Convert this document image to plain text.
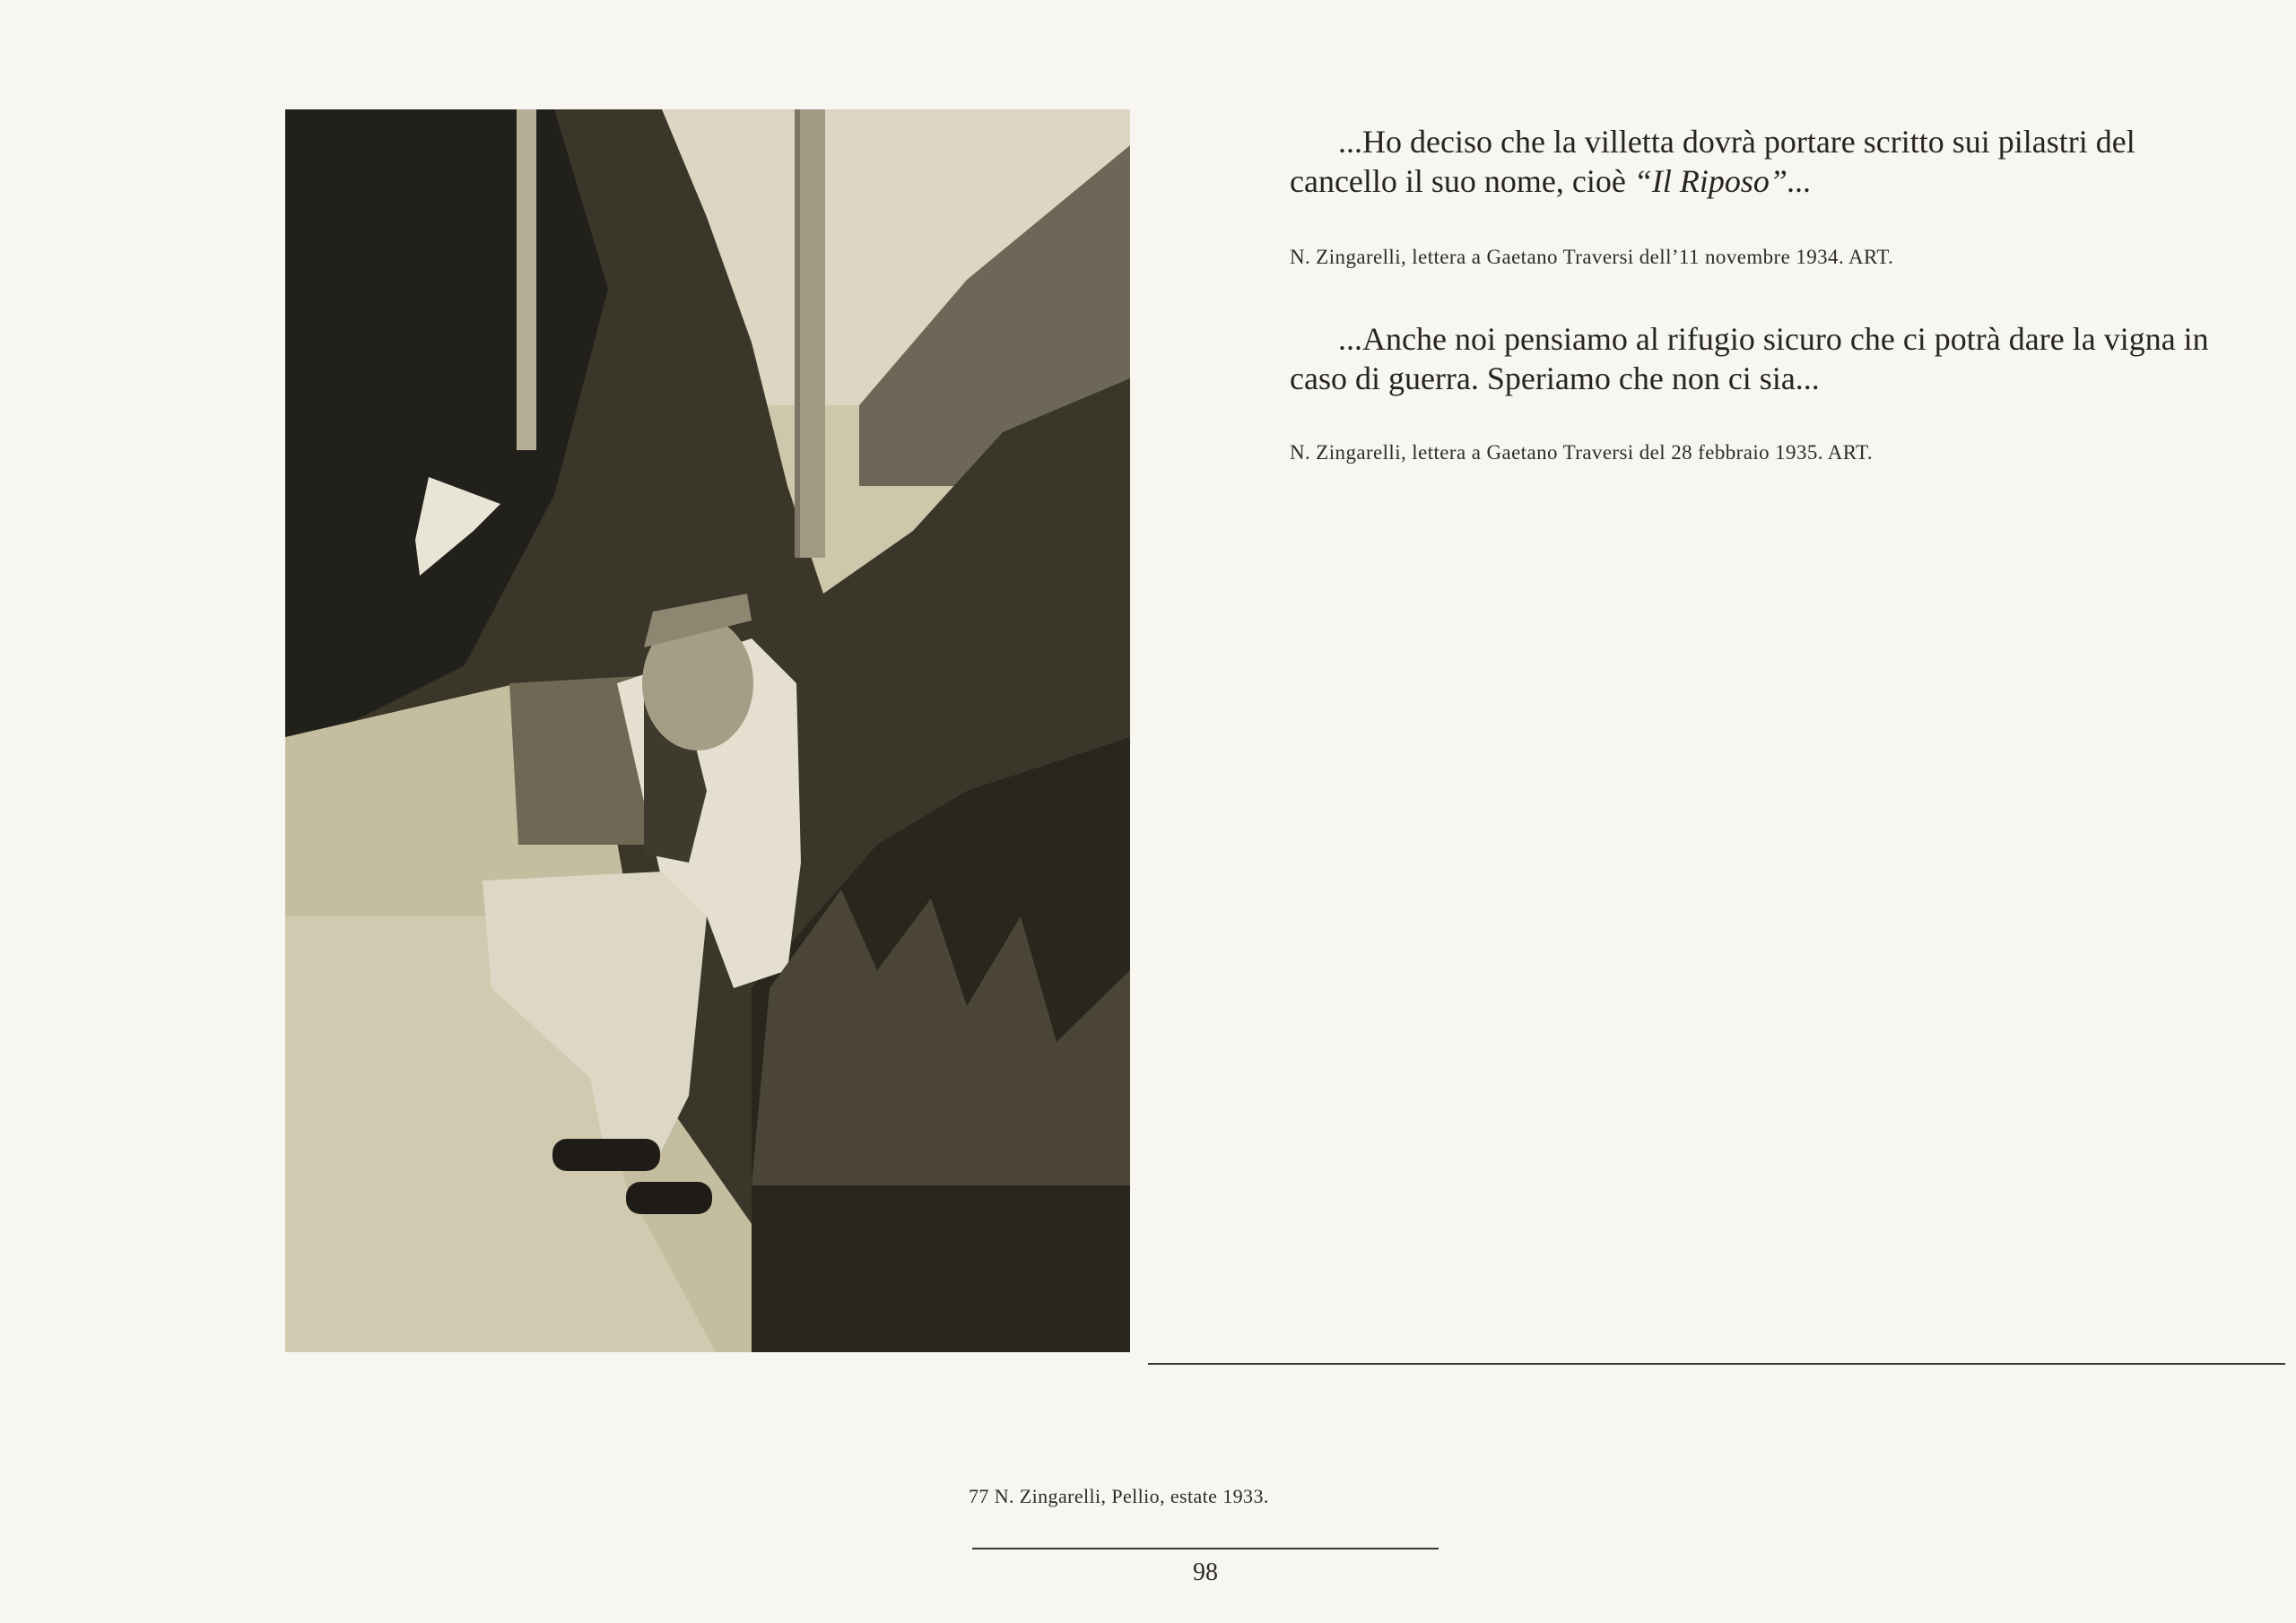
...Ho deciso che la villetta dovrà portare scritto sui pilastri del cancello il suo nome, cioè “Il Riposo”...

N. Zingarelli, lettera a Gaetano Traversi dell’11 novembre 1934. ART.

...Anche noi pensiamo al rifugio sicuro che ci potrà dare la vigna in caso di guerra. Speriamo che non ci sia...

N. Zingarelli, lettera a Gaetano Traversi del 28 febbraio 1935. ART.

77 N. Zingarelli, Pellio, estate 1933.

98
